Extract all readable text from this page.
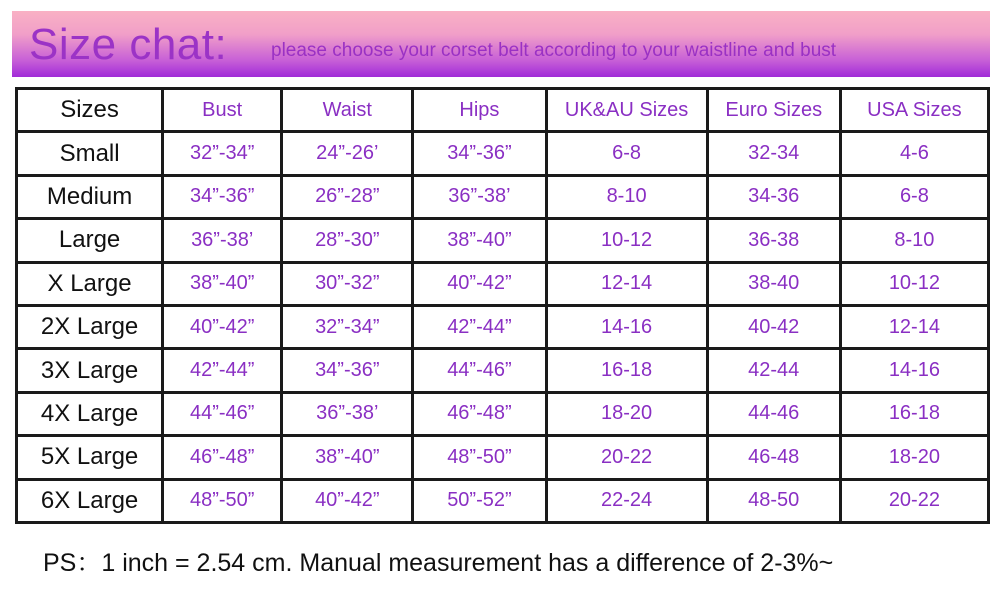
Size chat: please choose your corset belt according to your waistline and bust
Sizes	Bust	Waist	Hips	UK&AU Sizes	Euro Sizes	USA Sizes
Small	32”-34”	24”-26’	34”-36”	6-8	32-34	4-6
Medium	34”-36”	26”-28”	36”-38’	8-10	34-36	6-8
Large	36”-38’	28”-30”	38”-40”	10-12	36-38	8-10
X Large	38”-40”	30”-32”	40”-42”	12-14	38-40	10-12
2X Large	40”-42”	32”-34”	42”-44”	14-16	40-42	12-14
3X Large	42”-44”	34”-36”	44”-46”	16-18	42-44	14-16
4X Large	44”-46”	36”-38’	46”-48”	18-20	44-46	16-18
5X Large	46”-48”	38”-40”	48”-50”	20-22	46-48	18-20
6X Large	48”-50”	40”-42”	50”-52”	22-24	48-50	20-22
PS：1 inch = 2.54 cm. Manual measurement has a difference of 2-3%~
